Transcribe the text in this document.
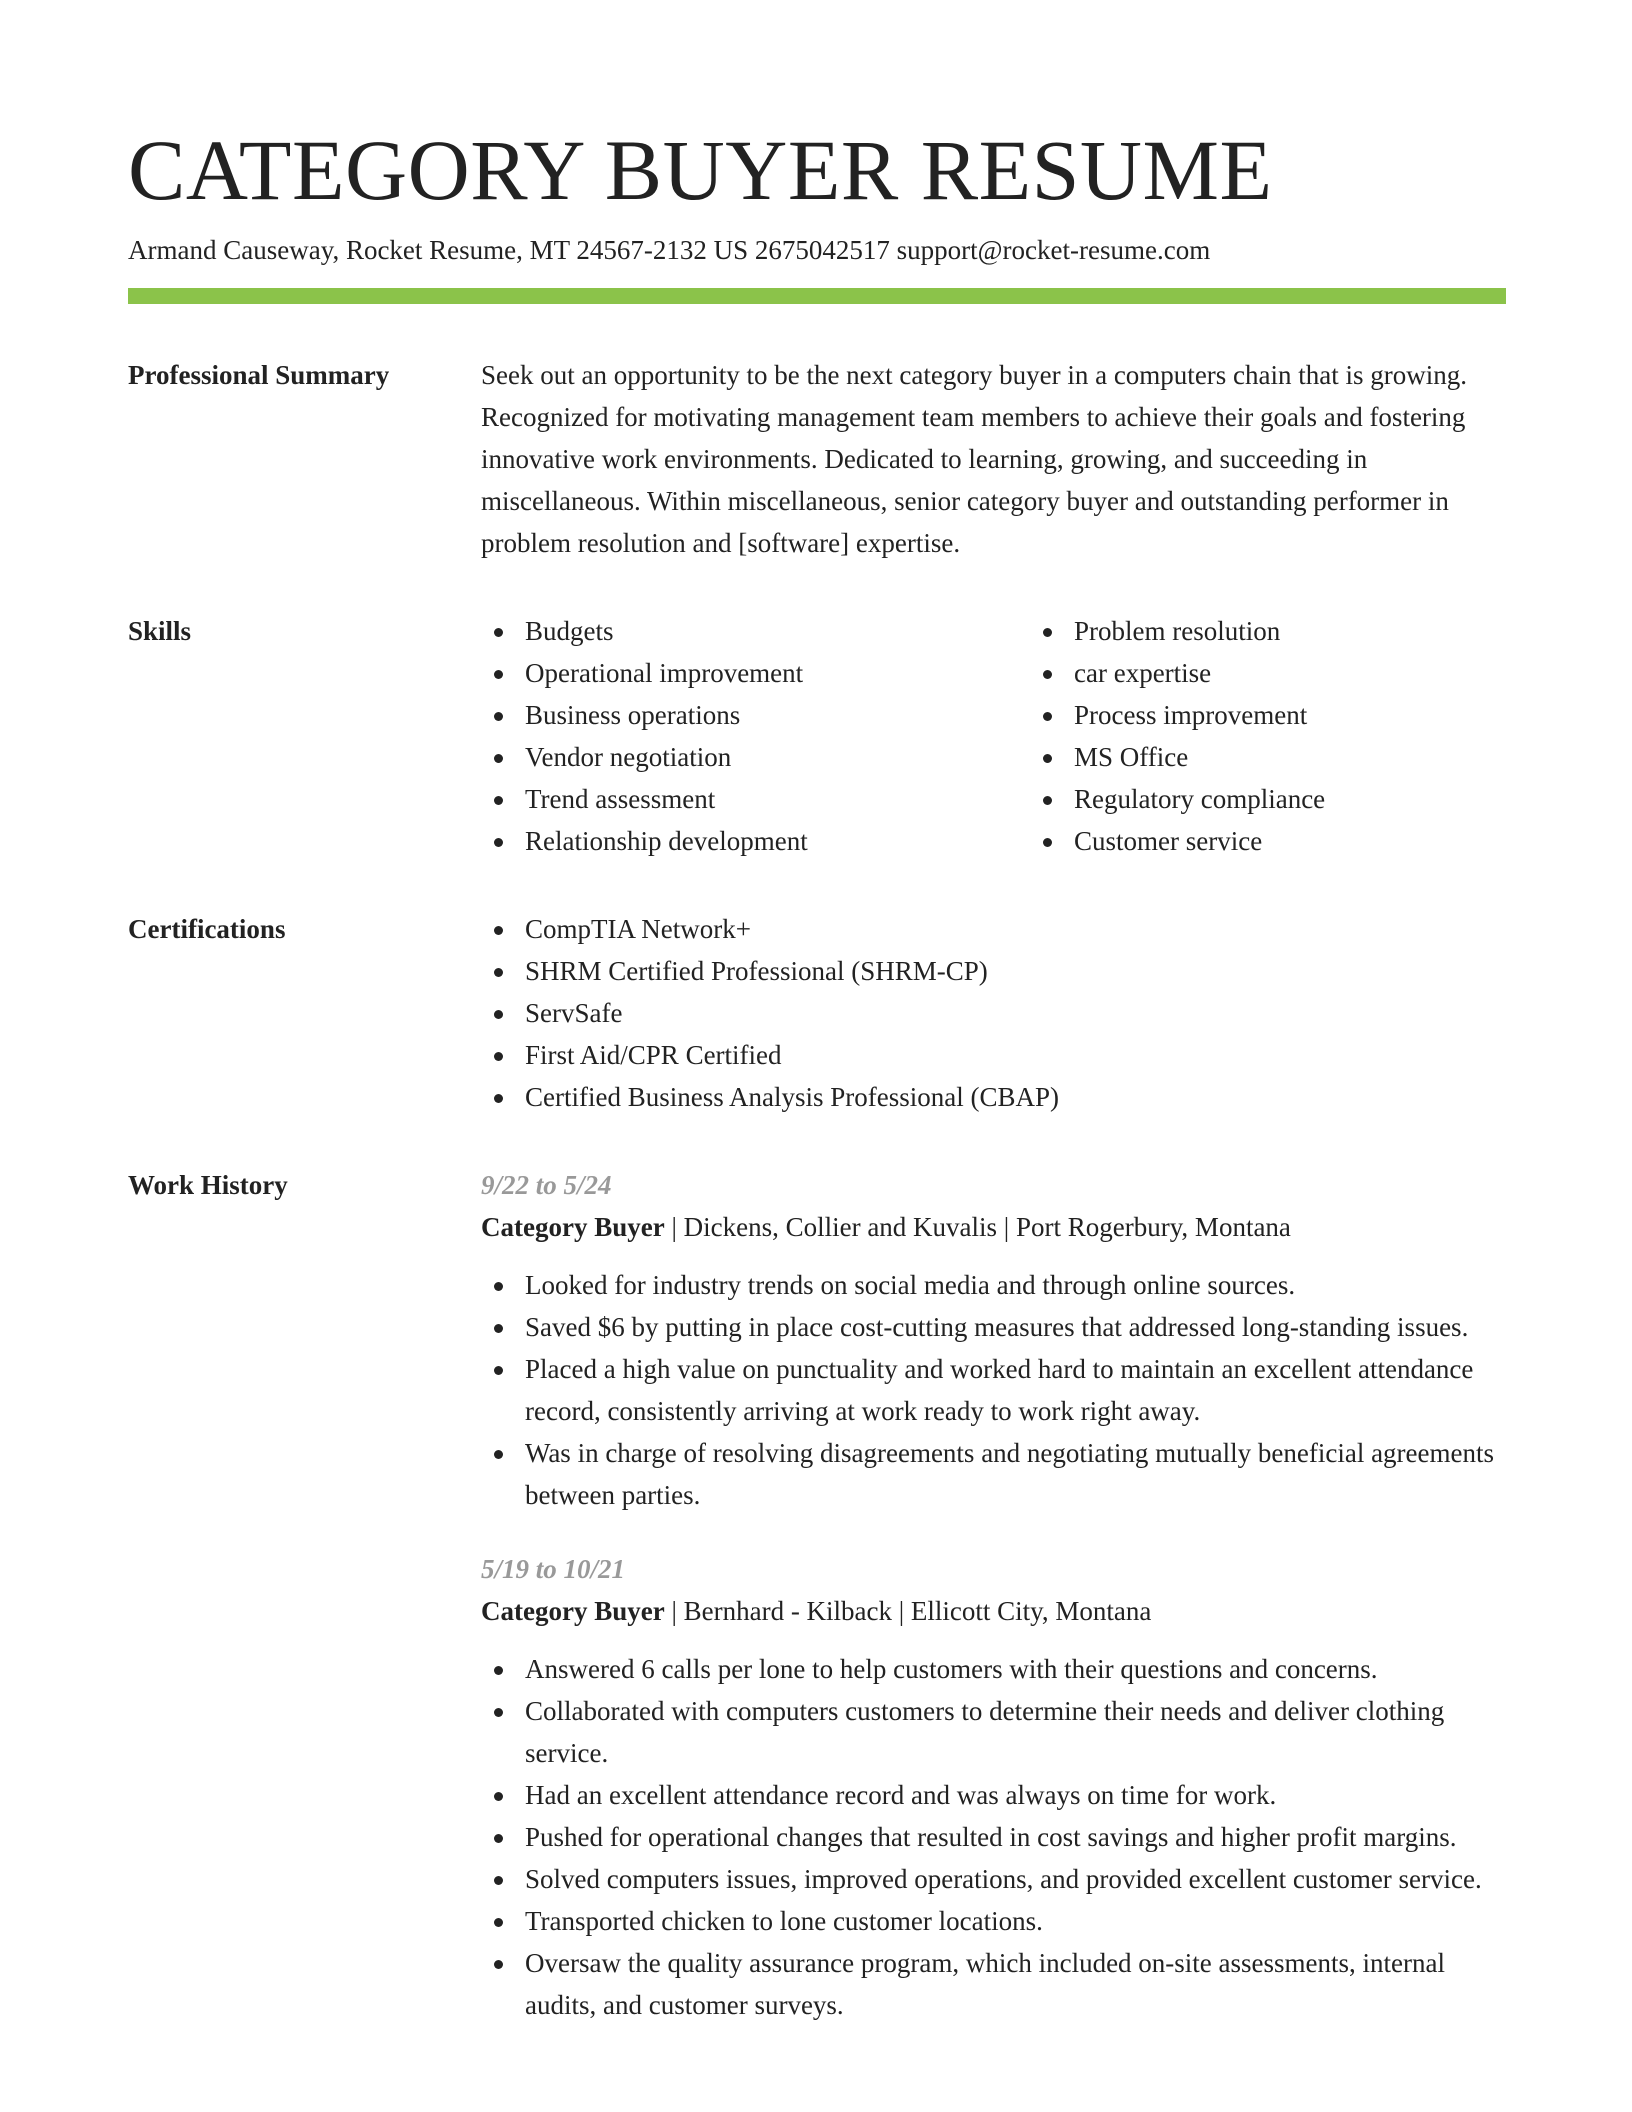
CATEGORY BUYER RESUME
Armand Causeway, Rocket Resume, MT 24567-2132 US 2675042517 support@rocket-resume.com
Professional Summary	Seek out an opportunity to be the next category buyer in a computers chain that is growing. Recognized for motivating management team members to achieve their goals and fostering innovative work environments. Dedicated to learning, growing, and succeeding in miscellaneous. Within miscellaneous, senior category buyer and outstanding performer in problem resolution and [software] expertise.

Skills	Budgets
Operational improvement
Business operations
Vendor negotiation
Trend assessment
Relationship development
Problem resolution
car expertise
Process improvement
MS Office
Regulatory compliance
Customer service
Certifications	CompTIA Network+
SHRM Certified Professional (SHRM-CP)
ServSafe
First Aid/CPR Certified
Certified Business Analysis Professional (CBAP)
Work History	9/22 to 5/24
Category Buyer | Dickens, Collier and Kuvalis | Port Rogerbury, Montana
Looked for industry trends on social media and through online sources.
Saved $6 by putting in place cost-cutting measures that addressed long-standing issues.
Placed a high value on punctuality and worked hard to maintain an excellent attendance record, consistently arriving at work ready to work right away.
Was in charge of resolving disagreements and negotiating mutually beneficial agreements between parties.
5/19 to 10/21
Category Buyer | Bernhard - Kilback | Ellicott City, Montana
Answered 6 calls per lone to help customers with their questions and concerns.
Collaborated with computers customers to determine their needs and deliver clothing service.
Had an excellent attendance record and was always on time for work.
Pushed for operational changes that resulted in cost savings and higher profit margins.
Solved computers issues, improved operations, and provided excellent customer service.
Transported chicken to lone customer locations.
Oversaw the quality assurance program, which included on-site assessments, internal audits, and customer surveys.
